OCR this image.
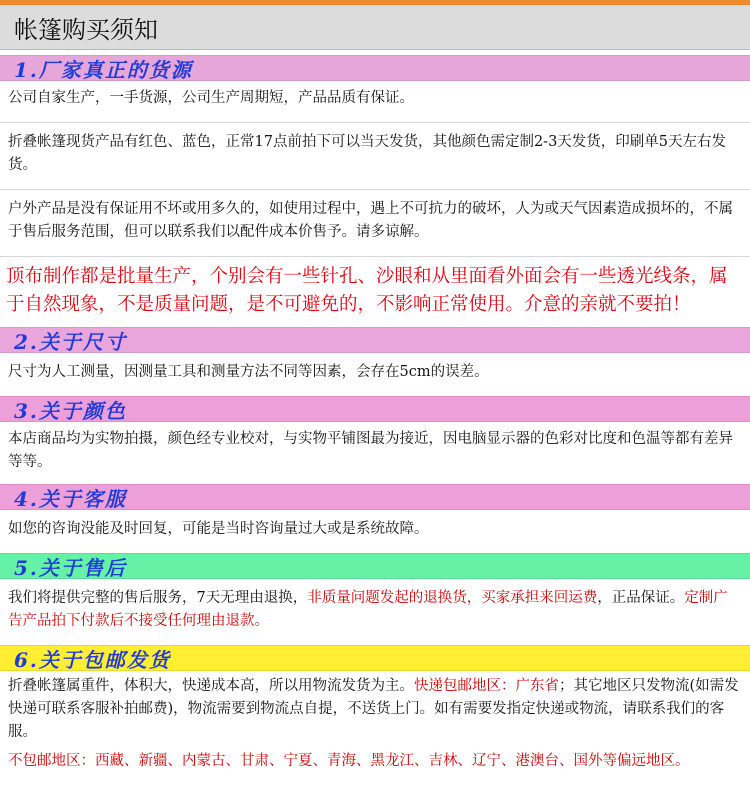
帐篷购买须知
1.厂家真正的货源

公司自家生产，一手货源，公司生产周期短，产品品质有保证。

折叠帐篷现货产品有红色、蓝色，正常17点前拍下可以当天发货，其他颜色需定制2-3天发货，印刷单5天左右发货。

户外产品是没有保证用不坏或用多久的，如使用过程中，遇上不可抗力的破坏，人为或天气因素造成损坏的，不属于售后服务范围，但可以联系我们以配件成本价售予。请多谅解。

顶布制作都是批量生产，个别会有一些针孔、沙眼和从里面看外面会有一些透光线条，属于自然现象，不是质量问题，是不可避免的，不影响正常使用。介意的亲就不要拍！

2.关于尺寸

尺寸为人工测量，因测量工具和测量方法不同等因素，会存在5cm的误差。

3.关于颜色

本店商品均为实物拍摄，颜色经专业校对，与实物平铺图最为接近，因电脑显示器的色彩对比度和色温等都有差异等等。

4.关于客服

如您的咨询没能及时回复，可能是当时咨询量过大或是系统故障。

5.关于售后

我们将提供完整的售后服务，7天无理由退换，非质量问题发起的退换货，买家承担来回运费，正品保证。定制广告产品拍下付款后不接受任何理由退款。

6.关于包邮发货

折叠帐篷属重件，体积大，快递成本高，所以用物流发货为主。快递包邮地区：广东省；其它地区只发物流(如需发快递可联系客服补拍邮费)，物流需要到物流点自提，不送货上门。如有需要发指定快递或物流，请联系我们的客服。

不包邮地区：西藏、新疆、内蒙古、甘肃、宁夏、青海、黑龙江、吉林、辽宁、港澳台、国外等偏远地区。
